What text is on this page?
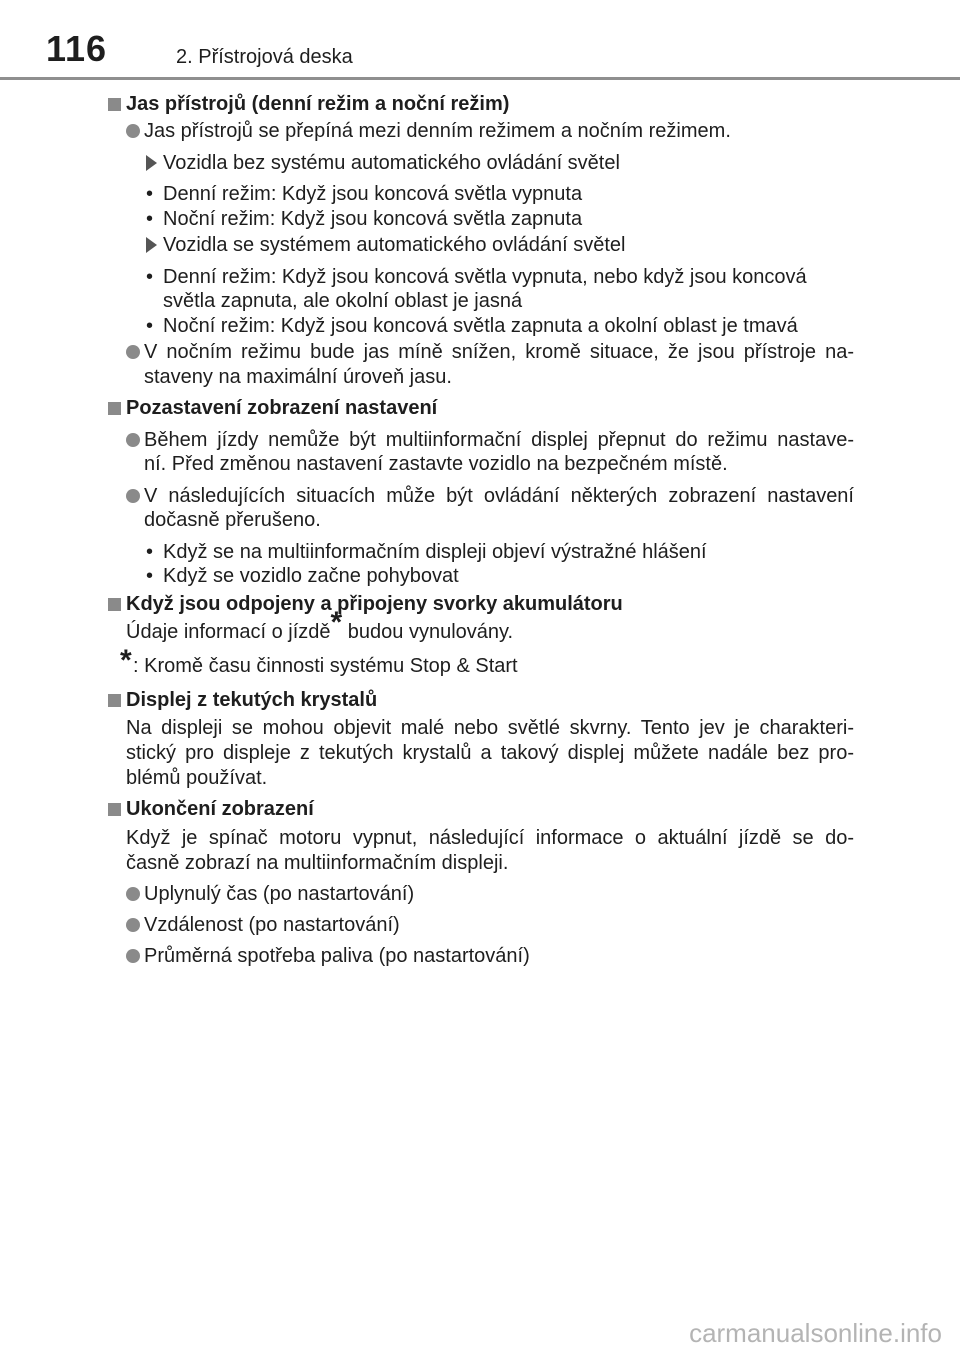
116	2. Přístrojová deska
Jas přístrojů (denní režim a noční režim)
Jas přístrojů se přepíná mezi denním režimem a nočním režimem.
Vozidla bez systému automatického ovládání světel
• Denní režim: Když jsou koncová světla vypnuta
• Noční režim: Když jsou koncová světla zapnuta
Vozidla se systémem automatického ovládání světel
• Denní režim: Když jsou koncová světla vypnuta, nebo když jsou koncová
světla zapnuta, ale okolní oblast je jasná
• Noční režim: Když jsou koncová světla zapnuta a okolní oblast je tmavá
V nočním režimu bude jas míně snížen, kromě situace, že jsou přístroje na-
staveny na maximální úroveň jasu.
Pozastavení zobrazení nastavení
Během jízdy nemůže být multiinformační displej přepnut do režimu nastave-
ní. Před změnou nastavení zastavte vozidlo na bezpečném místě.
V následujících situacích může být ovládání některých zobrazení nastavení
dočasně přerušeno.
• Když se na multiinformačním displeji objeví výstražné hlášení
• Když se vozidlo začne pohybovat
Když jsou odpojeny a připojeny svorky akumulátoru
Údaje informací o jízdě* budou vynulovány.
* : Kromě času činnosti systému Stop & Start
Displej z tekutých krystalů
Na displeji se mohou objevit malé nebo světlé skvrny. Tento jev je charakteri-
stický pro displeje z tekutých krystalů a takový displej můžete nadále bez pro-
blémů používat.
Ukončení zobrazení
Když je spínač motoru vypnut, následující informace o aktuální jízdě se do-
časně zobrazí na multiinformačním displeji.
Uplynulý čas (po nastartování)
Vzdálenost (po nastartování)
Průměrná spotřeba paliva (po nastartování)
carmanualsonline.info
